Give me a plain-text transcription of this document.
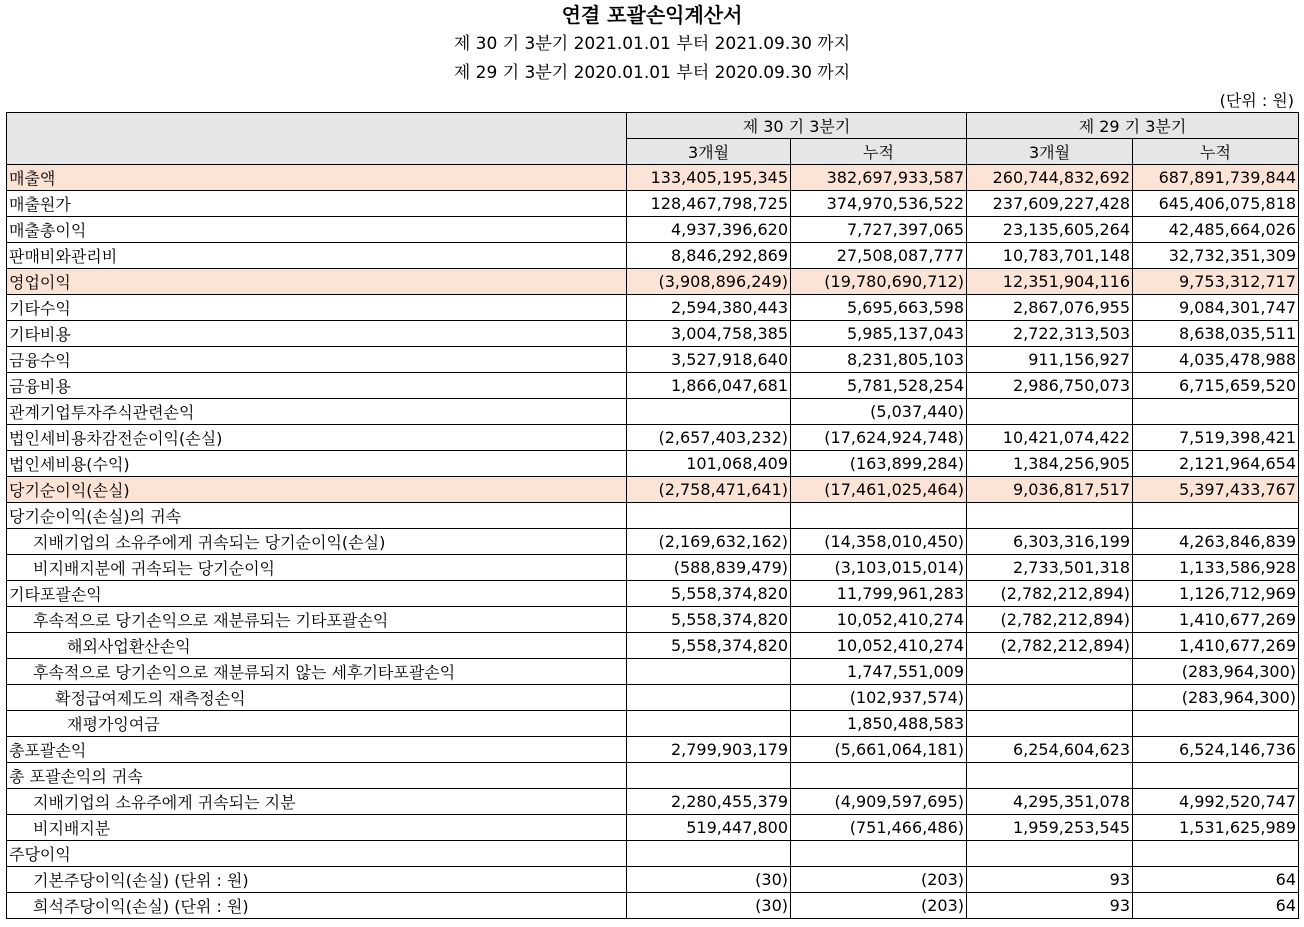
연결 포괄손익계산서
제 30 기 3분기 2021.01.01 부터 2021.09.30 까지
제 29 기 3분기 2020.01.01 부터 2020.09.30 까지
(단위 : 원)
	제 30 기 3분기		제 29 기 3분기	
	3개월	누적	3개월	누적
매출액	133,405,195,345	382,697,933,587	260,744,832,692	687,891,739,844
매출원가	128,467,798,725	374,970,536,522	237,609,227,428	645,406,075,818
매출총이익	4,937,396,620	7,727,397,065	23,135,605,264	42,485,664,026
판매비와관리비	8,846,292,869	27,508,087,777	10,783,701,148	32,732,351,309
영업이익	(3,908,896,249)	(19,780,690,712)	12,351,904,116	9,753,312,717
기타수익	2,594,380,443	5,695,663,598	2,867,076,955	9,084,301,747
기타비용	3,004,758,385	5,985,137,043	2,722,313,503	8,638,035,511
금융수익	3,527,918,640	8,231,805,103	911,156,927	4,035,478,988
금융비용	1,866,047,681	5,781,528,254	2,986,750,073	6,715,659,520
관계기업투자주식관련손익		(5,037,440)		
법인세비용차감전순이익(손실)	(2,657,403,232)	(17,624,924,748)	10,421,074,422	7,519,398,421
법인세비용(수익)	101,068,409	(163,899,284)	1,384,256,905	2,121,964,654
당기순이익(손실)	(2,758,471,641)	(17,461,025,464)	9,036,817,517	5,397,433,767
당기순이익(손실)의 귀속				
지배기업의 소유주에게 귀속되는 당기순이익(손실)	(2,169,632,162)	(14,358,010,450)	6,303,316,199	4,263,846,839
비지배지분에 귀속되는 당기순이익	(588,839,479)	(3,103,015,014)	2,733,501,318	1,133,586,928
기타포괄손익	5,558,374,820	11,799,961,283	(2,782,212,894)	1,126,712,969
후속적으로 당기손익으로 재분류되는 기타포괄손익	5,558,374,820	10,052,410,274	(2,782,212,894)	1,410,677,269
해외사업환산손익	5,558,374,820	10,052,410,274	(2,782,212,894)	1,410,677,269
후속적으로 당기손익으로 재분류되지 않는 세후기타포괄손익		1,747,551,009		(283,964,300)
확정급여제도의 재측정손익		(102,937,574)		(283,964,300)
재평가잉여금		1,850,488,583		
총포괄손익	2,799,903,179	(5,661,064,181)	6,254,604,623	6,524,146,736
총 포괄손익의 귀속				
지배기업의 소유주에게 귀속되는 지분	2,280,455,379	(4,909,597,695)	4,295,351,078	4,992,520,747
비지배지분	519,447,800	(751,466,486)	1,959,253,545	1,531,625,989
주당이익				
기본주당이익(손실) (단위 : 원)	(30)	(203)	93	64
희석주당이익(손실) (단위 : 원)	(30)	(203)	93	64
